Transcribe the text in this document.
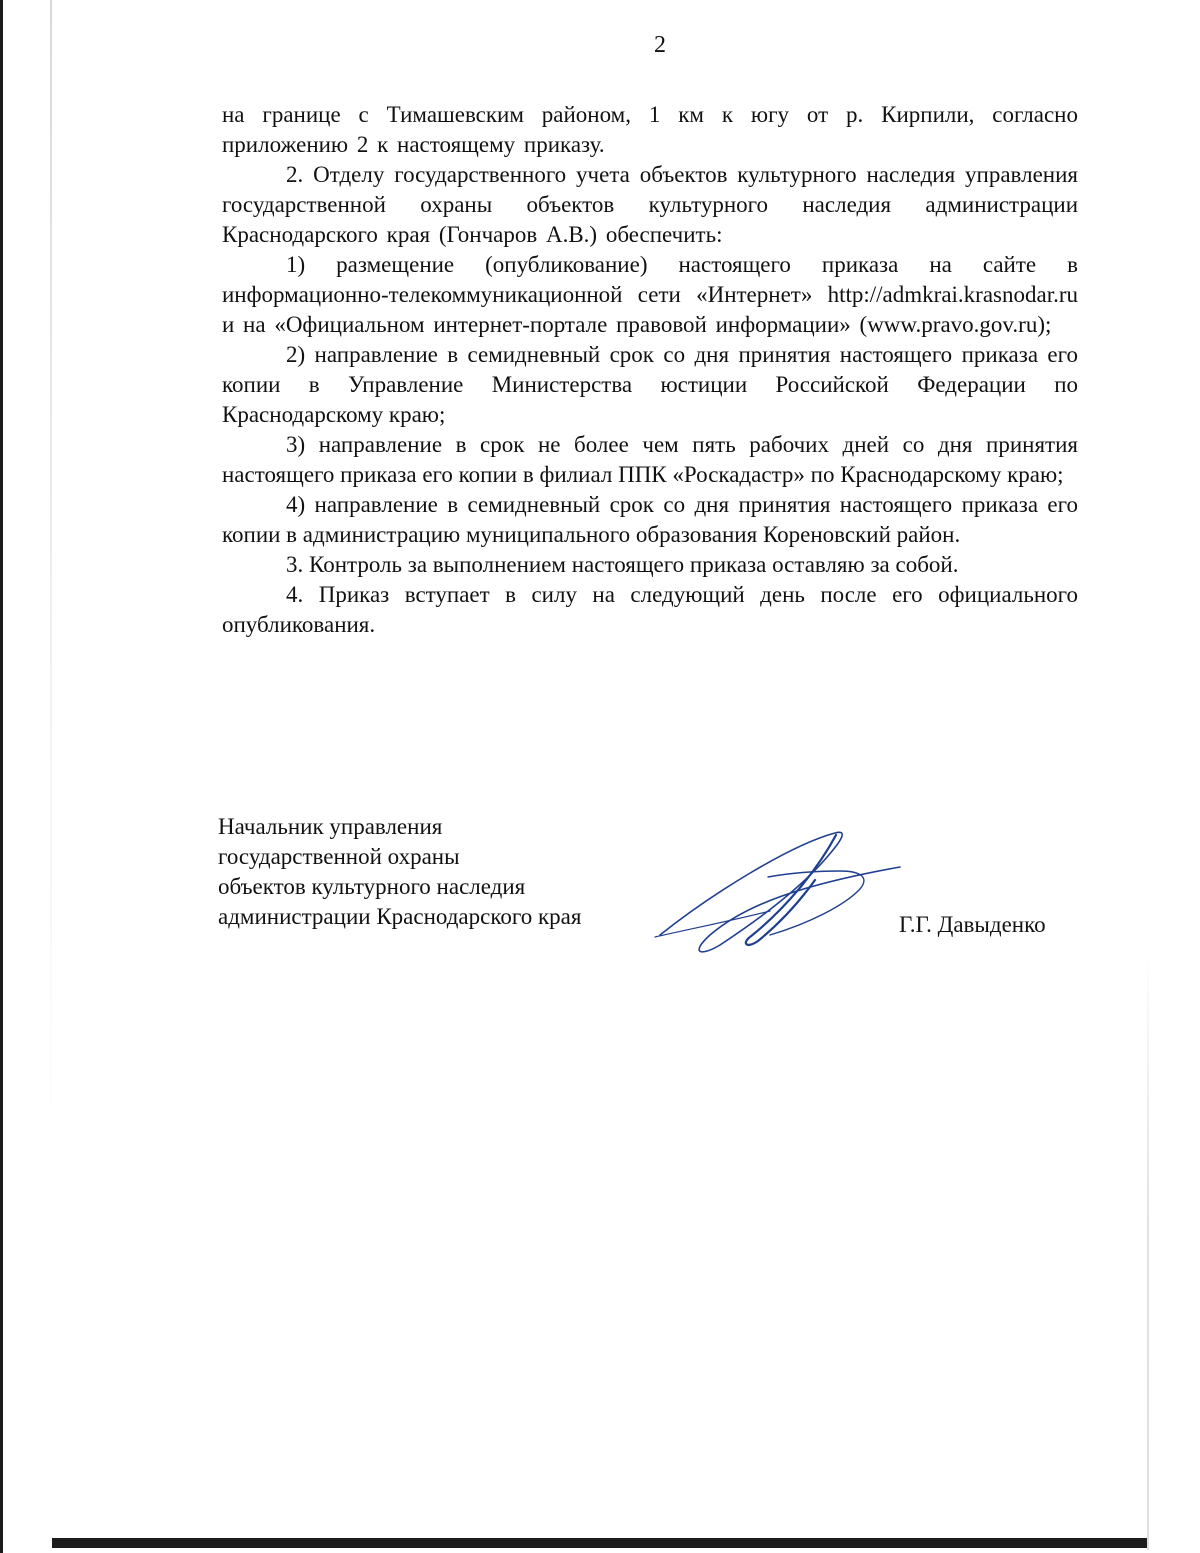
2

на границе с Тимашевским районом, 1 км к югу от р. Кирпили, согласно приложению 2 к настоящему приказу.

2. Отделу государственного учета объектов культурного наследия управления государственной охраны объектов культурного наследия администрации Краснодарского края (Гончаров А.В.) обеспечить:

1) размещение (опубликование) настоящего приказа на сайте в информационно-телекоммуникационной сети «Интернет» http://admkrai.krasnodar.ru и на «Официальном интернет-портале правовой информации» (www.pravo.gov.ru);

2) направление в семидневный срок со дня принятия настоящего приказа его копии в Управление Министерства юстиции Российской Федерации по Краснодарскому краю;

3) направление в срок не более чем пять рабочих дней со дня принятия настоящего приказа его копии в филиал ППК «Роскадастр» по Краснодарскому краю;

4) направление в семидневный срок со дня принятия настоящего приказа его копии в администрацию муниципального образования Кореновский район.

3. Контроль за выполнением настоящего приказа оставляю за собой.

4. Приказ вступает в силу на следующий день после его официального опубликования.

Начальник управления
государственной охраны
объектов культурного наследия
администрации Краснодарского края	Г.Г. Давыденко
